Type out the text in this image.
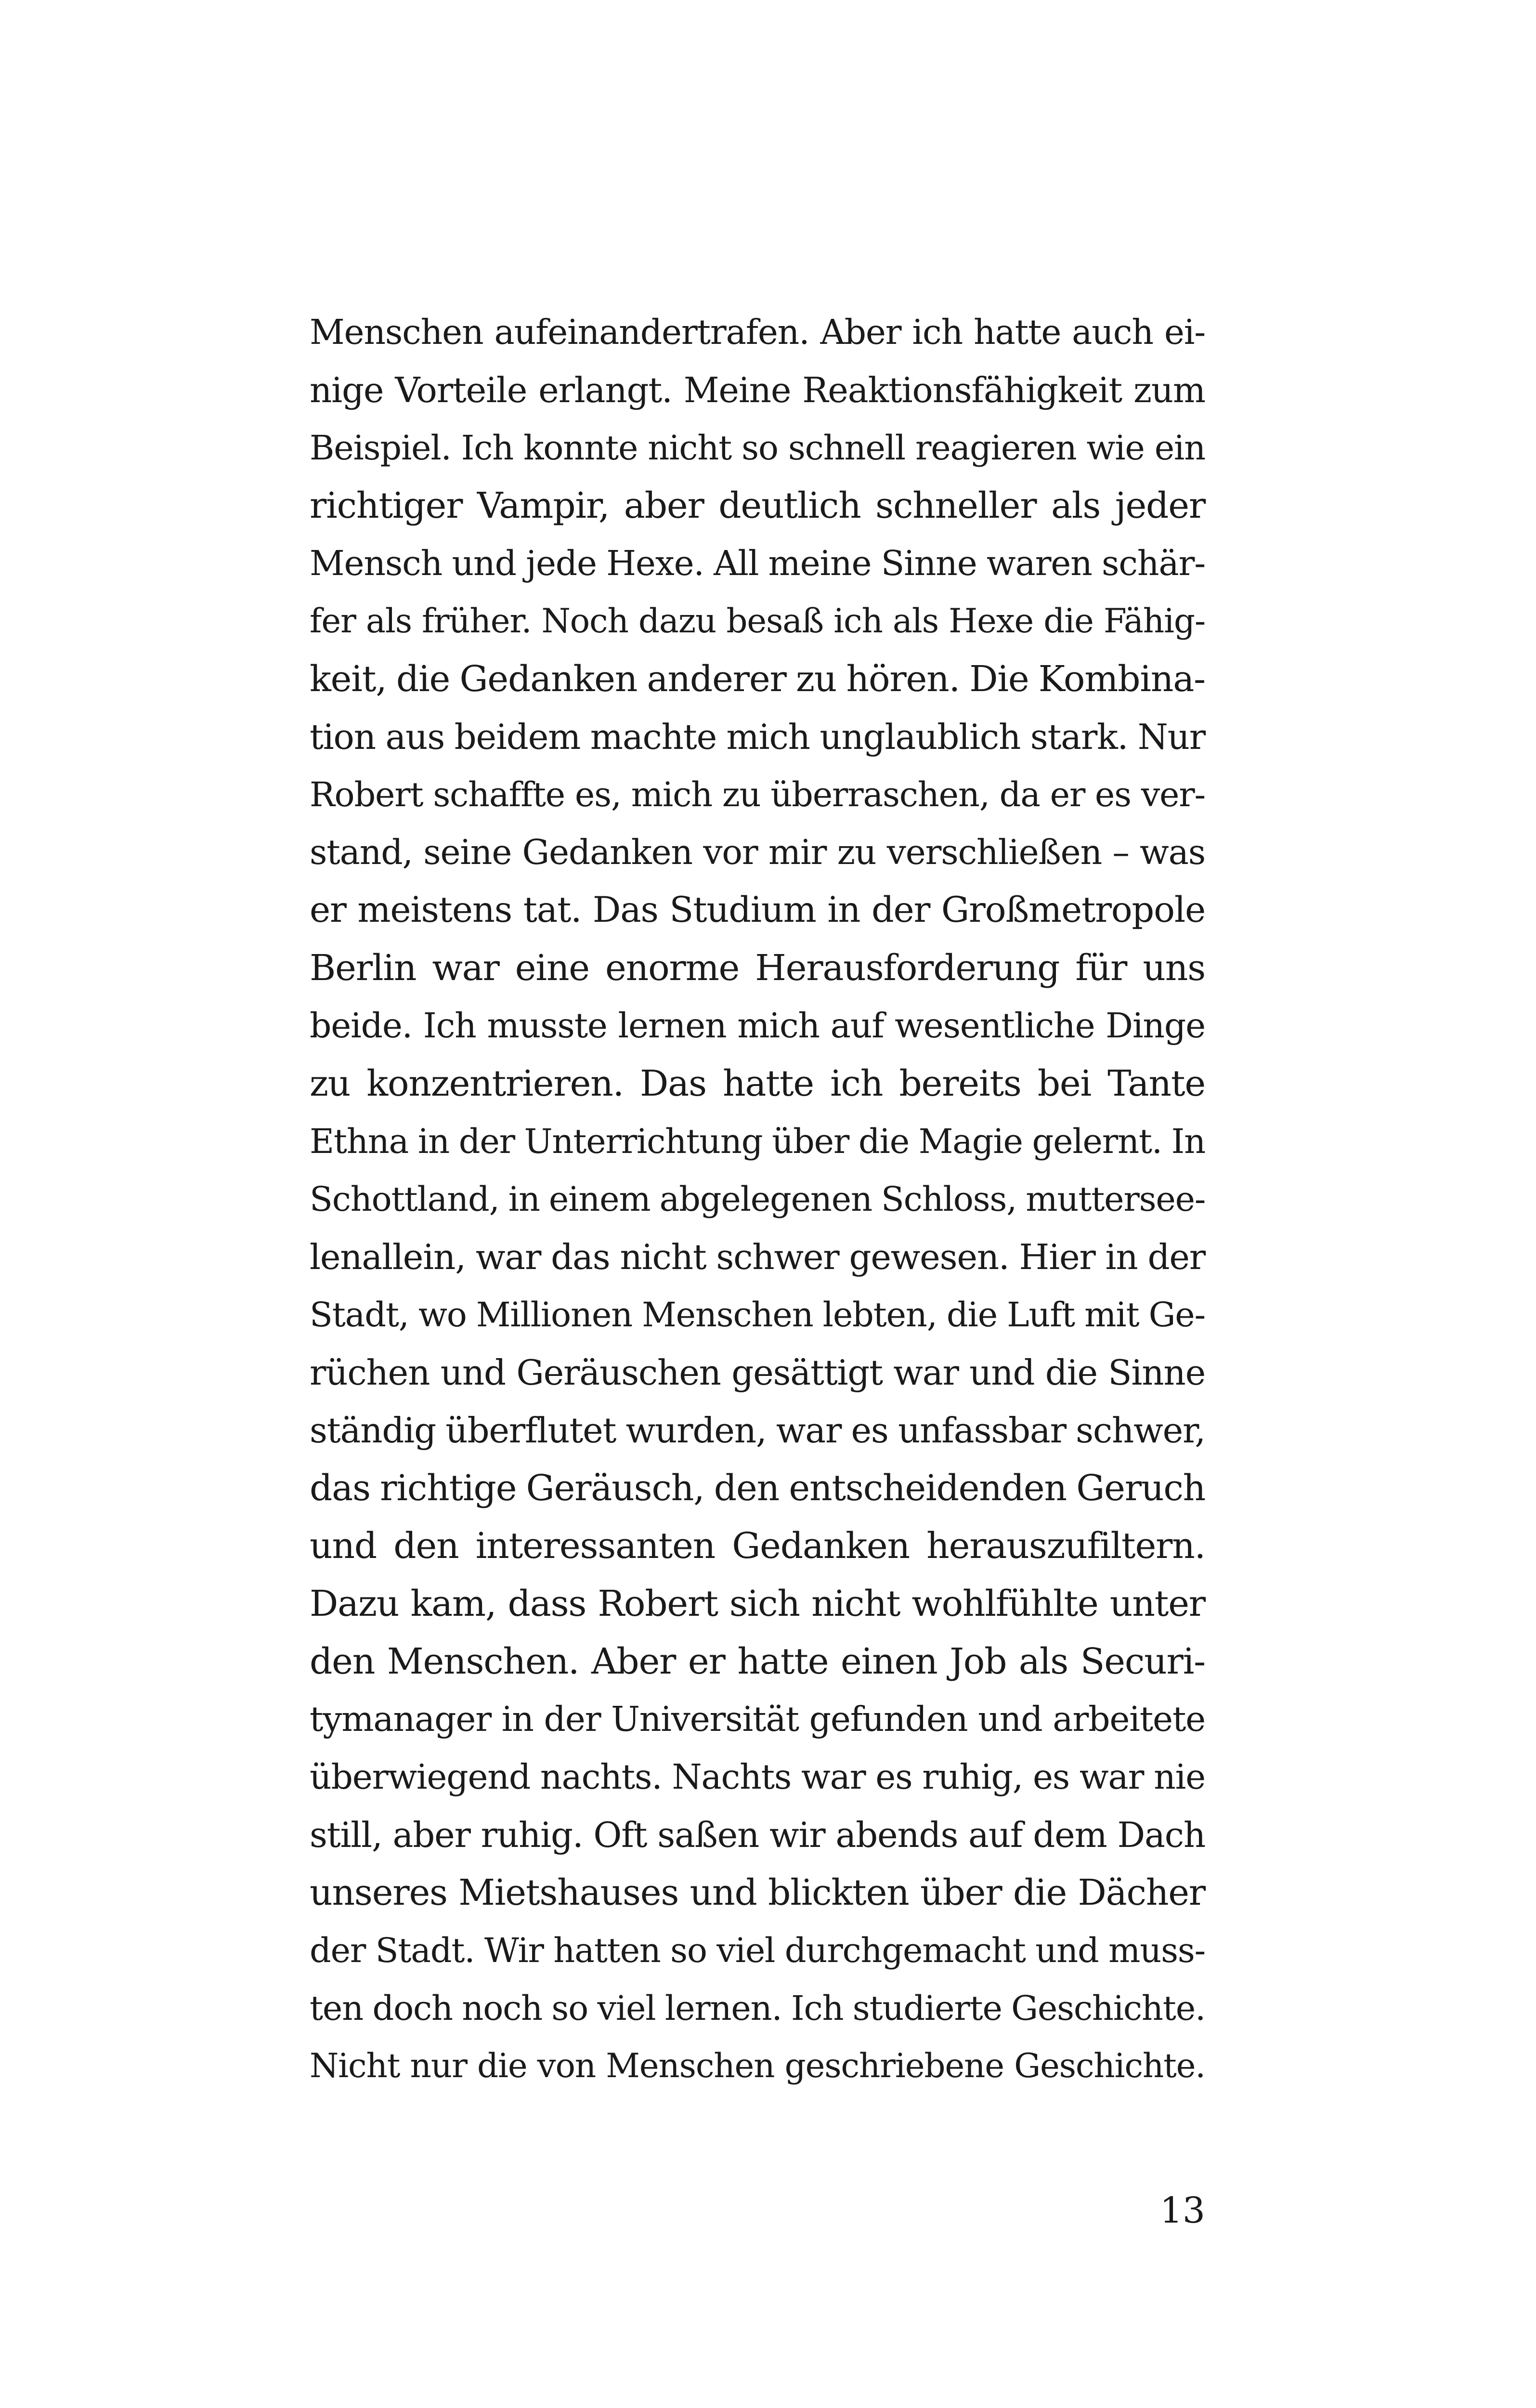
Menschen aufeinandertrafen. Aber ich hatte auch ei-
nige Vorteile erlangt. Meine Reaktionsfähigkeit zum
Beispiel. Ich konnte nicht so schnell reagieren wie ein
richtiger Vampir, aber deutlich schneller als jeder
Mensch und jede Hexe. All meine Sinne waren schär-
fer als früher. Noch dazu besaß ich als Hexe die Fähig-
keit, die Gedanken anderer zu hören. Die Kombina-
tion aus beidem machte mich unglaublich stark. Nur
Robert schaffte es, mich zu überraschen, da er es ver-
stand, seine Gedanken vor mir zu verschließen – was
er meistens tat. Das Studium in der Großmetropole
Berlin war eine enorme Herausforderung für uns
beide. Ich musste lernen mich auf wesentliche Dinge
zu konzentrieren. Das hatte ich bereits bei Tante
Ethna in der Unterrichtung über die Magie gelernt. In
Schottland, in einem abgelegenen Schloss, mutterseе-
lenallein, war das nicht schwer gewesen. Hier in der
Stadt, wo Millionen Menschen lebten, die Luft mit Ge-
rüchen und Geräuschen gesättigt war und die Sinne
ständig überflutet wurden, war es unfassbar schwer,
das richtige Geräusch, den entscheidenden Geruch
und den interessanten Gedanken herauszufiltern.
Dazu kam, dass Robert sich nicht wohlfühlte unter
den Menschen. Aber er hatte einen Job als Securi-
tymanager in der Universität gefunden und arbeitete
überwiegend nachts. Nachts war es ruhig, es war nie
still, aber ruhig. Oft saßen wir abends auf dem Dach
unseres Mietshauses und blickten über die Dächer
der Stadt. Wir hatten so viel durchgemacht und muss-
ten doch noch so viel lernen. Ich studierte Geschichte.
Nicht nur die von Menschen geschriebene Geschichte.
13
